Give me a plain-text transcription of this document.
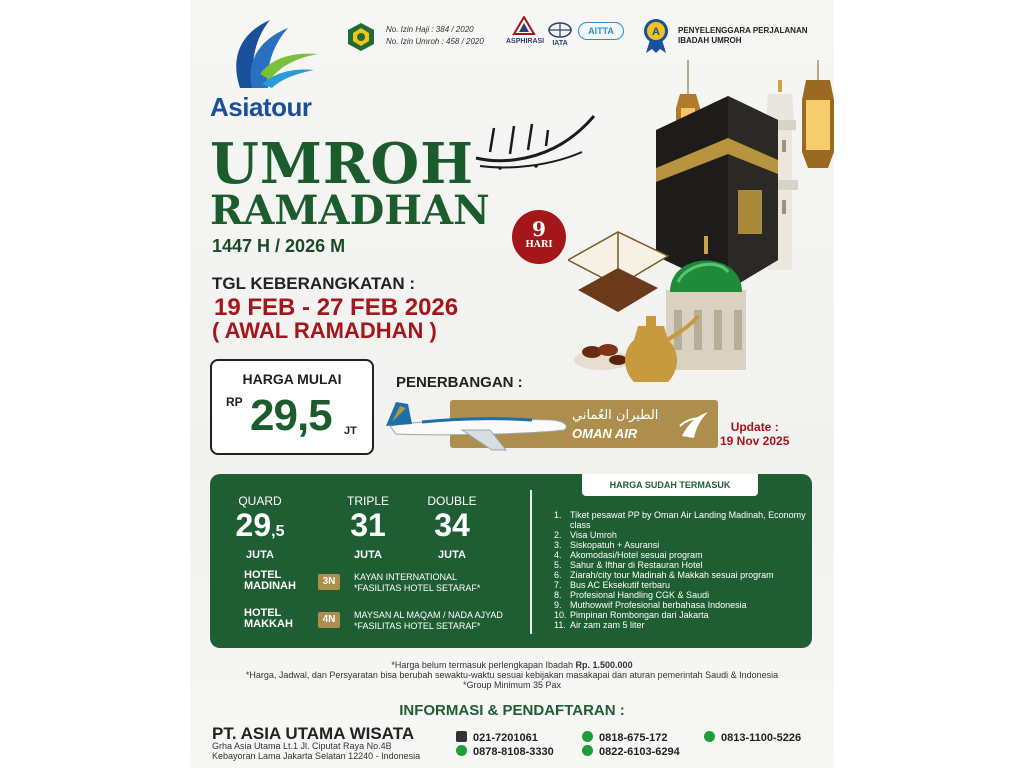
Asiatour
No. Izin Haji : 384 / 2020
No. Izin Umroh : 458 / 2020	ASPHIRASI	IATA
AITTA	A PENYELENGGARA PERJALANAN
IBADAH UMROH
UMROH
RAMADHAN
1447 H / 2026 M
9
HARI
TGL KEBERANGKATAN :
19 FEB - 27 FEB 2026
( AWAL RAMADHAN )
HARGA MULAI
RP 29,5 JT
PENERBANGAN :
الطيران العُماني
OMAN AIR	Update :
19 Nov 2025
QUARD
29,5
JUTA
TRIPLE
31
JUTA
DOUBLE
34
JUTA
HOTEL
MADINAH	3N	KAYAN INTERNATIONAL
*FASILITAS HOTEL SETARAF*
HOTEL
MAKKAH	4N	MAYSAN AL MAQAM / NADA AJYAD
*FASILITAS HOTEL SETARAF*
HARGA SUDAH TERMASUK
1. Tiket pesawat PP by Oman Air Landing Madinah, Economy class
2. Visa Umroh
3. Siskopatuh + Asuransi
4. Akomodasi/Hotel sesuai program
5. Sahur & Ifthar di Restauran Hotel
6. Ziarah/city tour Madinah & Makkah sesuai program
7. Bus AC Eksekutif terbaru
8. Profesional Handling CGK & Saudi
9. Muthowwif Profesional berbahasa Indonesia
10. Pimpinan Rombongan dari Jakarta
11. Air zam zam 5 liter
*Harga belum termasuk perlengkapan Ibadah Rp. 1.500.000
*Harga, Jadwal, dan Persyaratan bisa berubah sewaktu-waktu sesuai kebijakan masakapai dan aturan pemerintah Saudi & Indonesia
*Group Minimum 35 Pax
INFORMASI & PENDAFTARAN :
PT. ASIA UTAMA WISATA
Grha Asia Utama Lt.1 Jl. Ciputat Raya No.4B
Kebayoran Lama Jakarta Selatan 12240 - Indonesia
021-7201061
0878-8108-3330
0818-675-172
0822-6103-6294
0813-1100-5226
